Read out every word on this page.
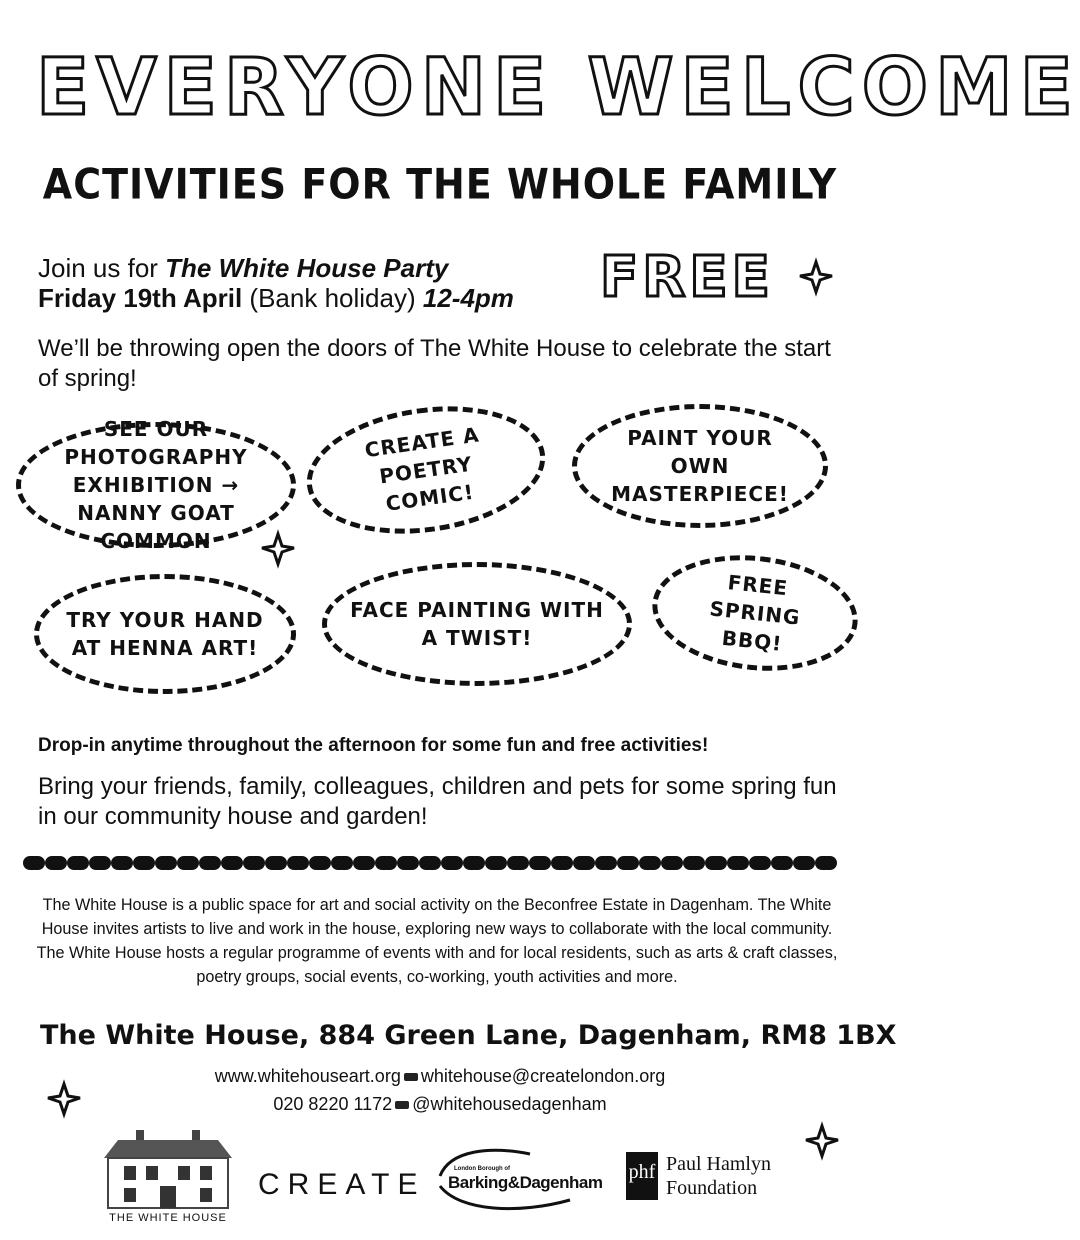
EVERYONE WELCOME
ACTIVITIES FOR THE WHOLE FAMILY
Join us for The White House Party
Friday 19th April (Bank holiday) 12-4pm FREE
We’ll be throwing open the doors of The White House to celebrate the start of spring!
SEE OUR PHOTOGRAPHY EXHIBITION → NANNY GOAT COMMON
CREATE A POETRY COMIC!
PAINT YOUR OWN MASTERPIECE!
TRY YOUR HAND AT HENNA ART!
FACE PAINTING WITH A TWIST!
FREE SPRING BBQ!
Drop-in anytime throughout the afternoon for some fun and free activities!
Bring your friends, family, colleagues, children and pets for some spring fun in our community house and garden!
The White House is a public space for art and social activity on the Beconfree Estate in Dagenham. The White House invites artists to live and work in the house, exploring new ways to collaborate with the local community. The White House hosts a regular programme of events with and for local residents, such as arts & craft classes, poetry groups, social events, co-working, youth activities and more.
The White House, 884 Green Lane, Dagenham, RM8 1BX
www.whitehouseart.org whitehouse@createlondon.org
020 8220 1172 @whitehousedagenham
THE WHITE HOUSE
CREATE	London Borough of
Barking&Dagenham phf Paul Hamlyn
Foundation
